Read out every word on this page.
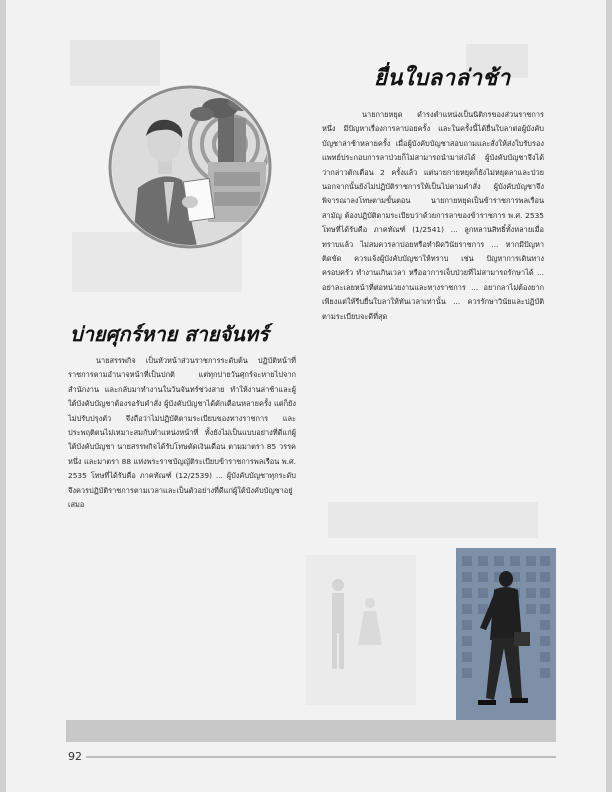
ยื่นใบลาล่าช้า

นายกายหยุด ดำรงตำแหน่งเป็นนิติกรของส่วนราชการหนึ่ง มีปัญหาเรื่องการลาบ่อยครั้ง และในครั้งนี้ได้ยื่นใบลาต่อผู้บังคับบัญชาล่าช้าหลายครั้ง เมื่อผู้บังคับบัญชาสอบถามและสั่งให้ส่งใบรับรองแพทย์ประกอบการลาป่วยก็ไม่สามารถนำมาส่งได้ ผู้บังคับบัญชาจึงได้ว่ากล่าวตักเตือน 2 ครั้งแล้ว แต่นายกายหยุดก็ยังไม่หยุดลาและป่วย นอกจากนั้นยังไม่ปฏิบัติราชการให้เป็นไปตามคำสั่ง ผู้บังคับบัญชาจึงพิจารณาลงโทษตามขั้นตอน นายกายหยุดเป็นข้าราชการพลเรือนสามัญ ต้องปฏิบัติตามระเบียบว่าด้วยการลาของข้าราชการ พ.ศ. 2535 โทษที่ได้รับคือ ภาคทัณฑ์ (1/2541) ... ลูกหลานสิทธิ์ทั้งหลายเมื่อทราบแล้ว ไม่สมควรลาบ่อยหรือทำผิดวินัยราชการ ... หากมีปัญหาติดขัด ควรแจ้งผู้บังคับบัญชาให้ทราบ เช่น ปัญหาการเดินทาง ครอบครัว ทำงานเกินเวลา หรืออาการเจ็บป่วยที่ไม่สามารถรักษาได้ ... อย่าละเลยหน้าที่ต่อหน่วยงานและทางราชการ ... อยากลาไม่ต้องยากเพียงแต่ให้รีบยื่นใบลาให้ทันเวลาเท่านั้น ... ควรรักษาวินัยและปฏิบัติตามระเบียบจะดีที่สุด

บ่ายศุกร์หาย สายจันทร์

นายสรรพกิจ เป็นหัวหน้าส่วนราชการระดับต้น ปฏิบัติหน้าที่ราชการตามอำนาจหน้าที่เป็นปกติ แต่ทุกบ่ายวันศุกร์จะหายไปจากสำนักงาน และกลับมาทำงานในวันจันทร์ช่วงสาย ทำให้งานล่าช้าและผู้ใต้บังคับบัญชาต้องรอรับคำสั่ง ผู้บังคับบัญชาได้ตักเตือนหลายครั้ง แต่ก็ยังไม่ปรับปรุงตัว จึงถือว่าไม่ปฏิบัติตามระเบียบของทางราชการ และประพฤติตนไม่เหมาะสมกับตำแหน่งหน้าที่ ทั้งยังไม่เป็นแบบอย่างที่ดีแก่ผู้ใต้บังคับบัญชา นายสรรพกิจได้รับโทษตัดเงินเดือน ตามมาตรา 85 วรรคหนึ่ง และมาตรา 88 แห่งพระราชบัญญัติระเบียบข้าราชการพลเรือน พ.ศ. 2535 โทษที่ได้รับคือ ภาคทัณฑ์ (12/2539) ... ผู้บังคับบัญชาทุกระดับจึงควรปฏิบัติราชการตามเวลาและเป็นตัวอย่างที่ดีแก่ผู้ใต้บังคับบัญชาอยู่เสมอ

92
